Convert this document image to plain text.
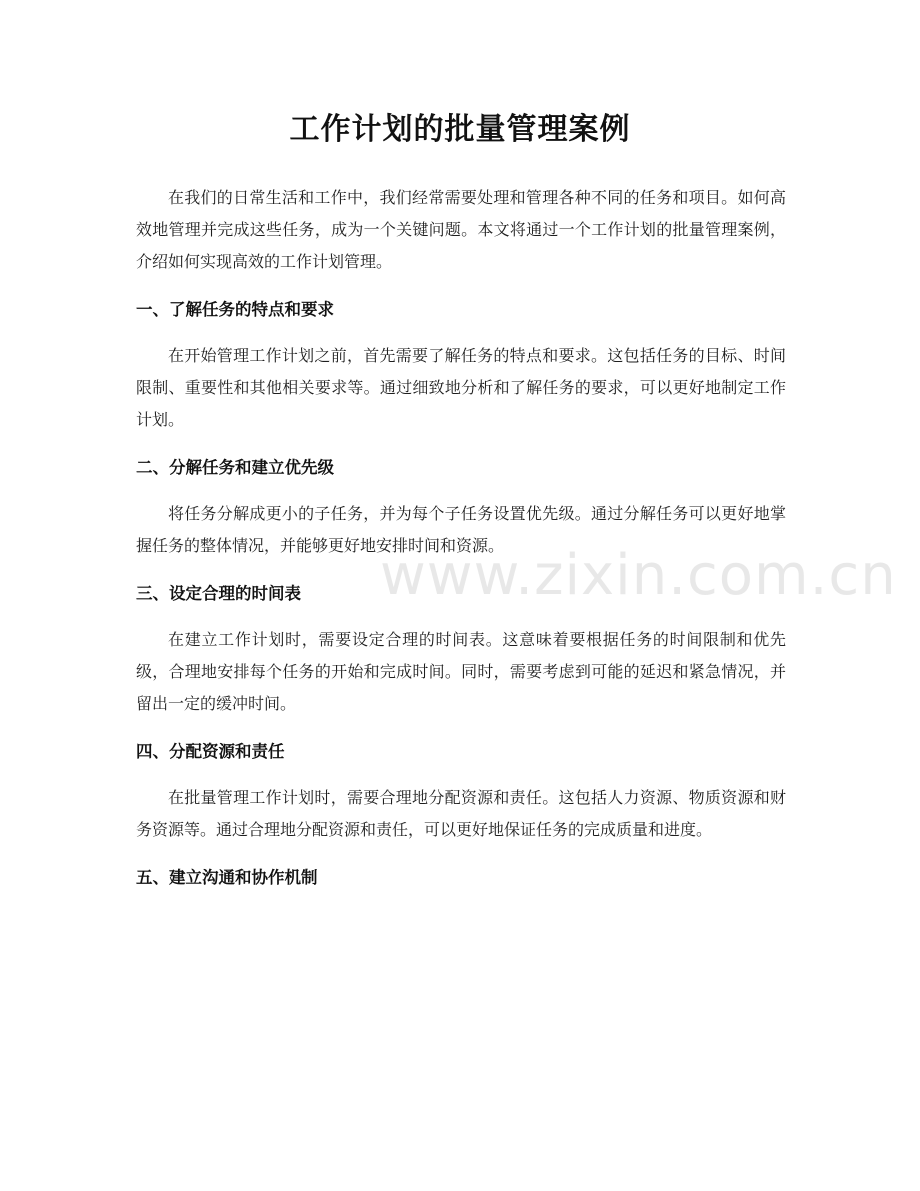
工作计划的批量管理案例

在我们的日常生活和工作中，我们经常需要处理和管理各种不同的任务和项目。如何高效地管理并完成这些任务，成为一个关键问题。本文将通过一个工作计划的批量管理案例，介绍如何实现高效的工作计划管理。

一、了解任务的特点和要求

在开始管理工作计划之前，首先需要了解任务的特点和要求。这包括任务的目标、时间限制、重要性和其他相关要求等。通过细致地分析和了解任务的要求，可以更好地制定工作计划。

二、分解任务和建立优先级

将任务分解成更小的子任务，并为每个子任务设置优先级。通过分解任务可以更好地掌握任务的整体情况，并能够更好地安排时间和资源。

三、设定合理的时间表

在建立工作计划时，需要设定合理的时间表。这意味着要根据任务的时间限制和优先级，合理地安排每个任务的开始和完成时间。同时，需要考虑到可能的延迟和紧急情况，并留出一定的缓冲时间。

四、分配资源和责任

在批量管理工作计划时，需要合理地分配资源和责任。这包括人力资源、物质资源和财务资源等。通过合理地分配资源和责任，可以更好地保证任务的完成质量和进度。

五、建立沟通和协作机制
www.zixin.com.cn
